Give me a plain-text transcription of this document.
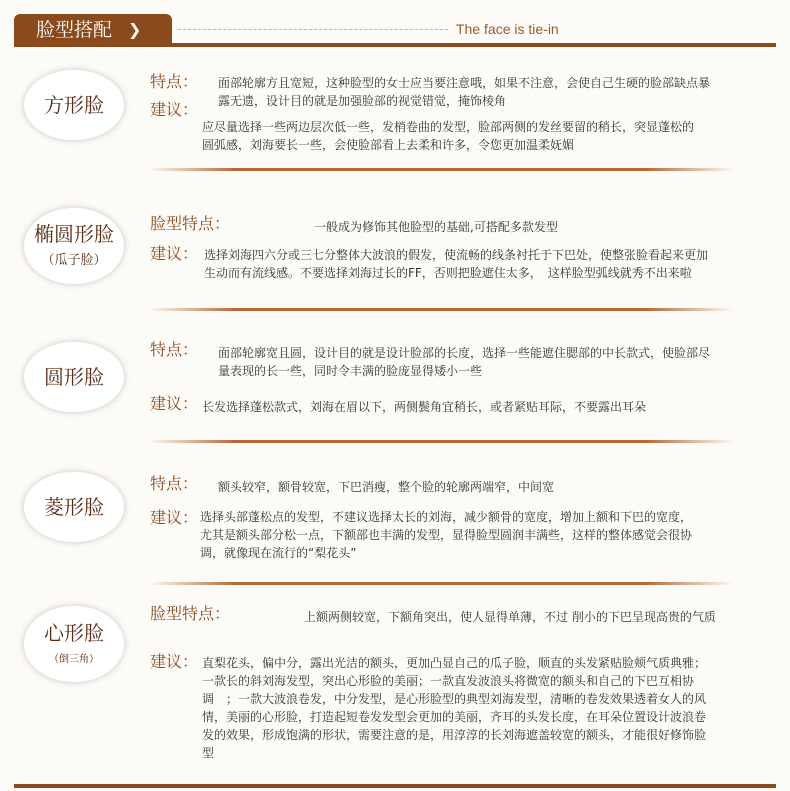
脸型搭配 ❯	The face is tie-in
方形脸
特点： 面部轮廓方且宽短，这种脸型的女士应当要注意哦，如果不注意，会使自己生硬的脸部缺点暴露无遗，设计目的就是加强脸部的视觉错觉，掩饰棱角
建议：
应尽量选择一些两边层次低一些，发梢卷曲的发型，脸部两侧的发丝要留的稍长，突显蓬松的圆弧感，刘海要长一些，会使脸部看上去柔和许多，令您更加温柔妩媚
椭圆形脸
（瓜子脸）
脸型特点：	一般成为修饰其他脸型的基础,可搭配多款发型
建议： 选择刘海四六分或三七分整体大波浪的假发，使流畅的线条衬托于下巴处，使整张脸看起来更加生动而有流线感。不要选择刘海过长的FF，否则把脸遮住太多，　这样脸型弧线就秀不出来啦
圆形脸
特点： 面部轮廓宽且圆，设计目的就是设计脸部的长度，选择一些能遮住腮部的中长款式，使脸部尽量表现的长一些，同时令丰满的脸庞显得矮小一些
建议： 长发选择蓬松款式，刘海在眉以下，两侧鬓角宜稍长，或者紧贴耳际，不要露出耳朵
菱形脸
特点： 额头较窄，额骨较宽，下巴消瘦，整个脸的轮廓两端窄，中间宽
建议： 选择头部蓬松点的发型，不建议选择太长的刘海，减少额骨的宽度，增加上额和下巴的宽度，尤其是额头部分松一点，下额部也丰满的发型，显得脸型圆润丰满些，这样的整体感觉会很协调，就像现在流行的“梨花头”
心形脸
（倒三角）
脸型特点：	上额两侧较宽，下额角突出，使人显得单薄，不过 削小的下巴呈现高贵的气质
建议： 直梨花头，偏中分，露出光洁的额头，更加凸显自己的瓜子脸，顺直的头发紧贴脸颊气质典雅；一款长的斜刘海发型，突出心形脸的美丽；一款直发波浪头将微宽的额头和自己的下巴互相协调　；一款大波浪卷发，中分发型，是心形脸型的典型刘海发型，清晰的卷发效果透着女人的风情，美丽的心形脸，打造起短卷发发型会更加的美丽，齐耳的头发长度，在耳朵位置设计波浪卷发的效果，形成饱满的形状，需要注意的是，用淳淳的长刘海遮盖较宽的额头，才能很好修饰脸型
